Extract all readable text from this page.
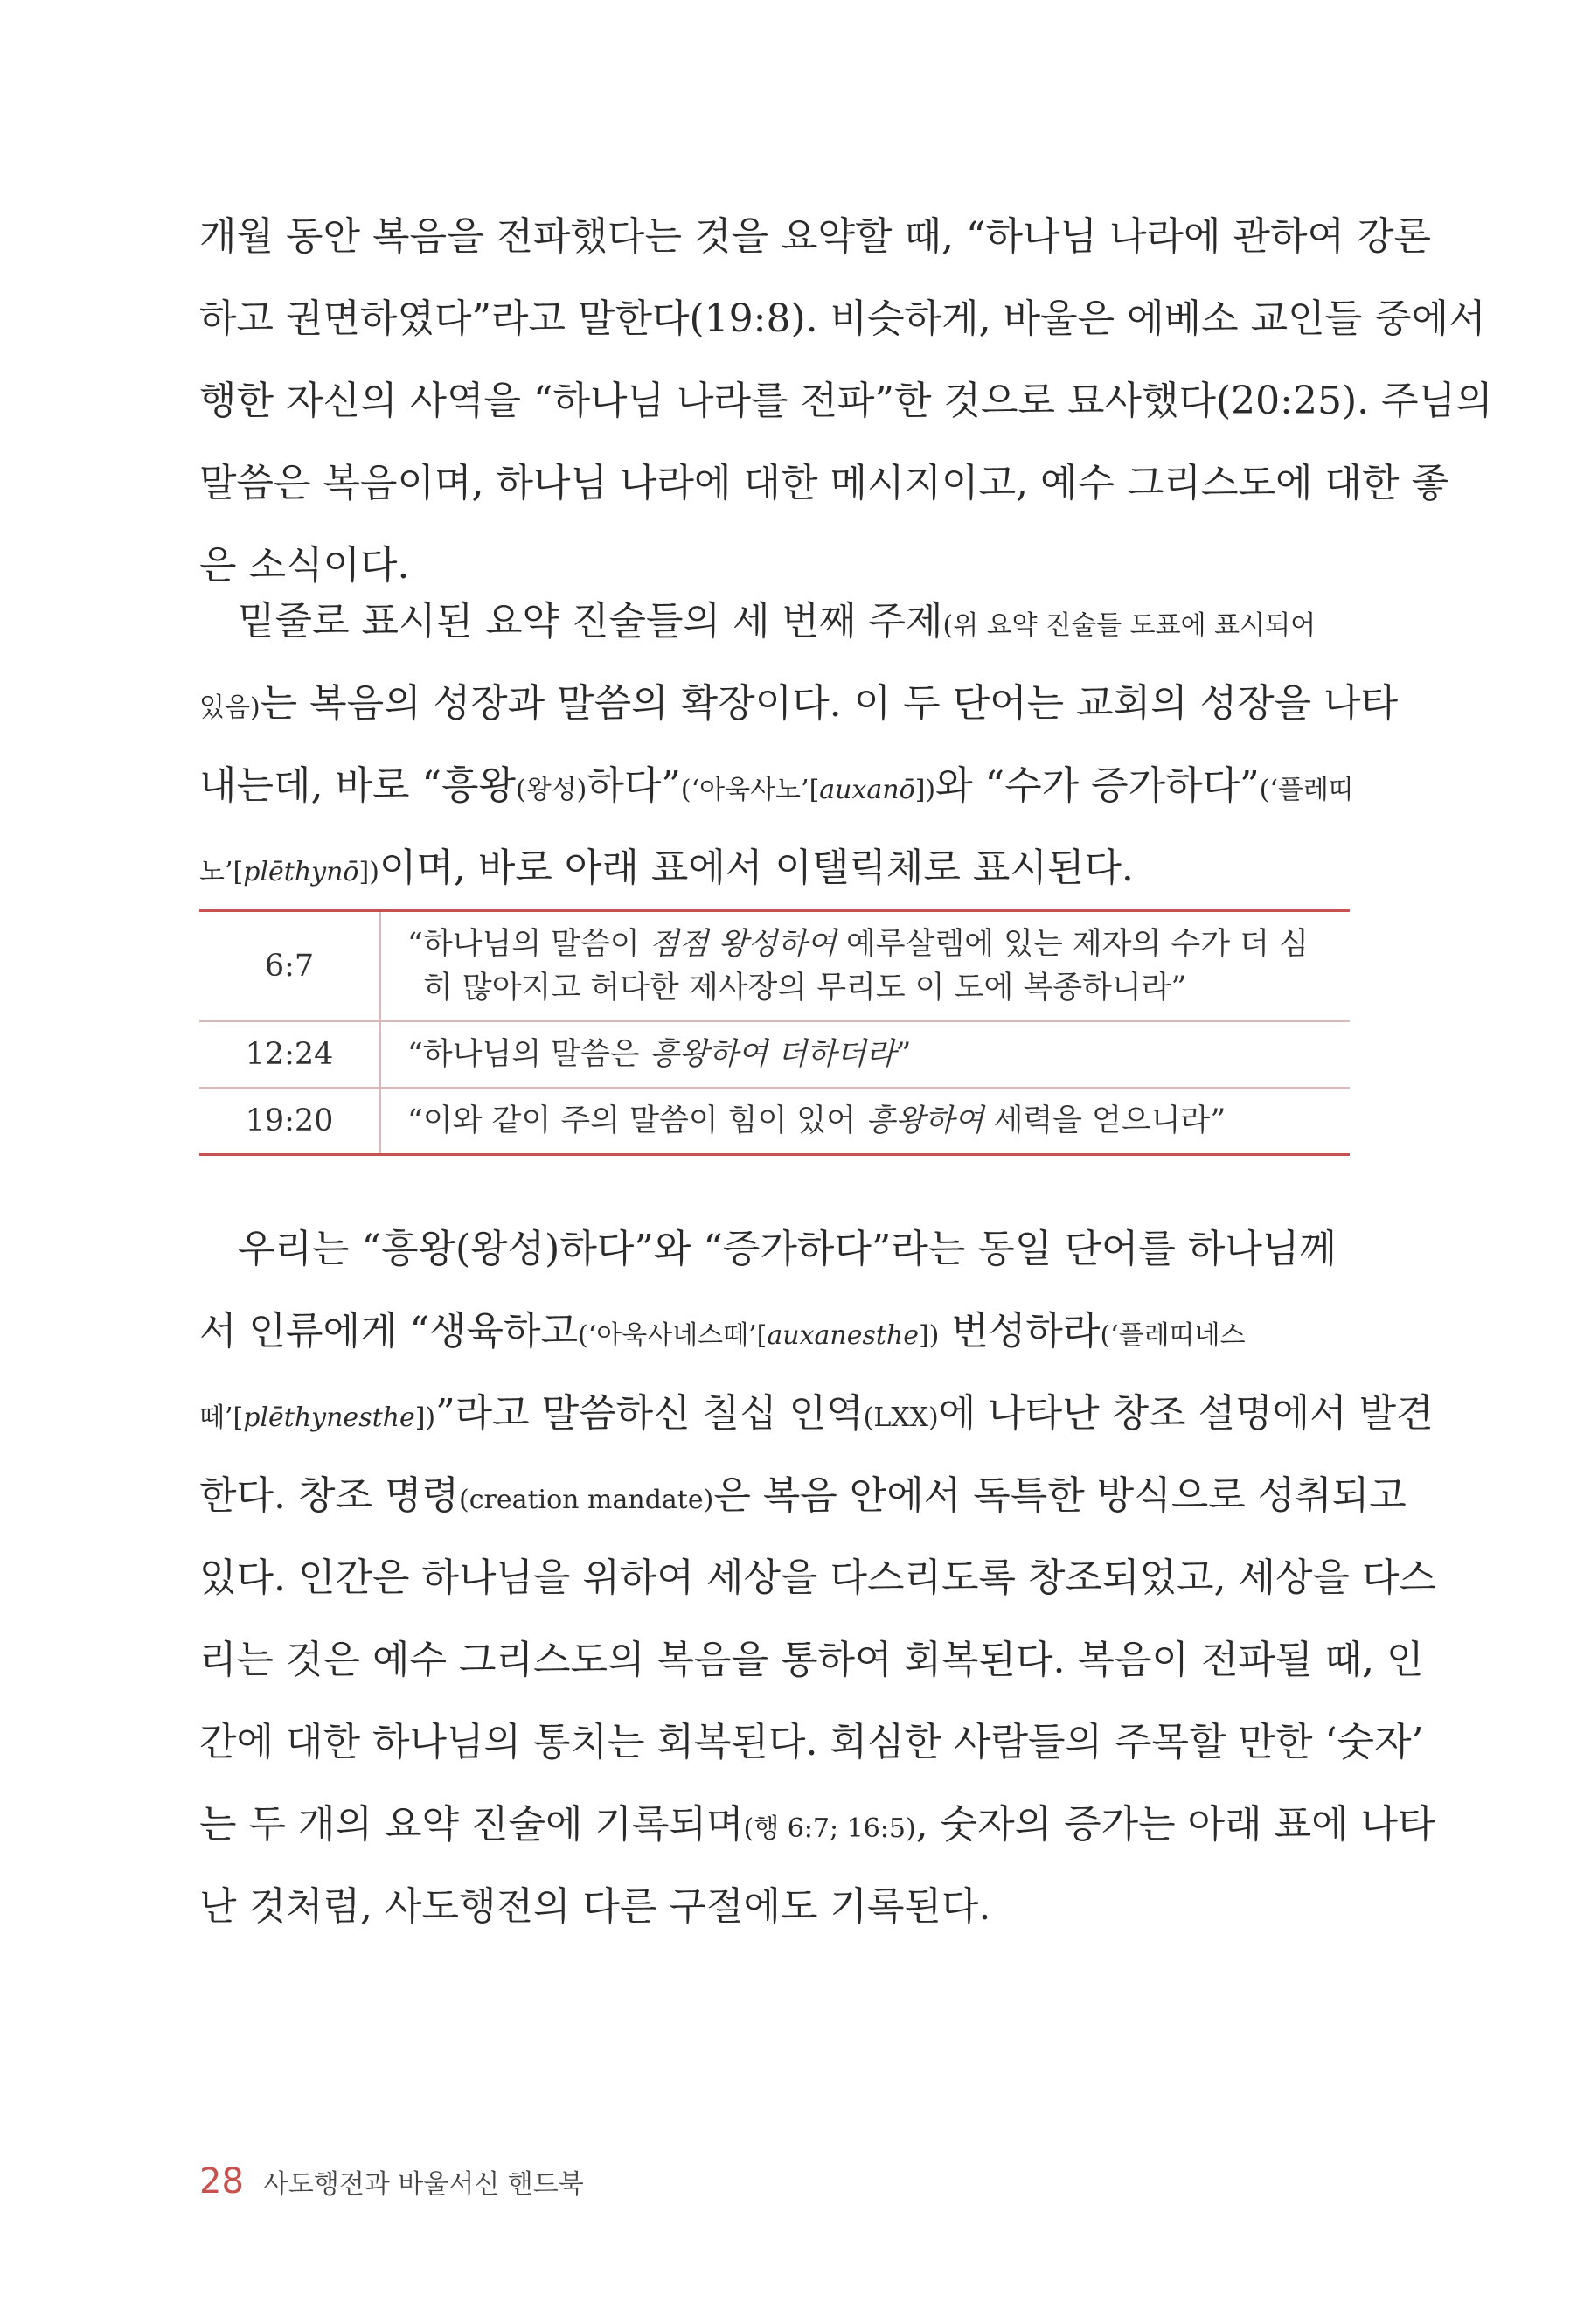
개월 동안 복음을 전파했다는 것을 요약할 때, “하나님 나라에 관하여 강론
하고 권면하였다”라고 말한다(19:8). 비슷하게, 바울은 에베소 교인들 중에서
행한 자신의 사역을 “하나님 나라를 전파”한 것으로 묘사했다(20:25). 주님의
말씀은 복음이며, 하나님 나라에 대한 메시지이고, 예수 그리스도에 대한 좋
은 소식이다.
밑줄로 표시된 요약 진술들의 세 번째 주제(위 요약 진술들 도표에 표시되어
있음)는 복음의 성장과 말씀의 확장이다. 이 두 단어는 교회의 성장을 나타
내는데, 바로 “흥왕(왕성)하다”(‘아욱사노’[auxanō])와 “수가 증가하다”(‘플레띠
노’[plēthynō])이며, 바로 아래 표에서 이탤릭체로 표시된다.
6:7	“하나님의 말씀이 점점 왕성하여 예루살렘에 있는 제자의 수가 더 심
히 많아지고 허다한 제사장의 무리도 이 도에 복종하니라”
12:24	“하나님의 말씀은 흥왕하여 더하더라”
19:20	“이와 같이 주의 말씀이 힘이 있어 흥왕하여 세력을 얻으니라”
우리는 “흥왕(왕성)하다”와 “증가하다”라는 동일 단어를 하나님께
서 인류에게 “생육하고(‘아욱사네스떼’[auxanesthe]) 번성하라(‘플레띠네스
떼’[plēthynesthe])”라고 말씀하신 칠십 인역(LXX)에 나타난 창조 설명에서 발견
한다. 창조 명령(creation mandate)은 복음 안에서 독특한 방식으로 성취되고
있다. 인간은 하나님을 위하여 세상을 다스리도록 창조되었고, 세상을 다스
리는 것은 예수 그리스도의 복음을 통하여 회복된다. 복음이 전파될 때, 인
간에 대한 하나님의 통치는 회복된다. 회심한 사람들의 주목할 만한 ‘숫자’
는 두 개의 요약 진술에 기록되며(행 6:7; 16:5), 숫자의 증가는 아래 표에 나타
난 것처럼, 사도행전의 다른 구절에도 기록된다.
28 사도행전과 바울서신 핸드북
